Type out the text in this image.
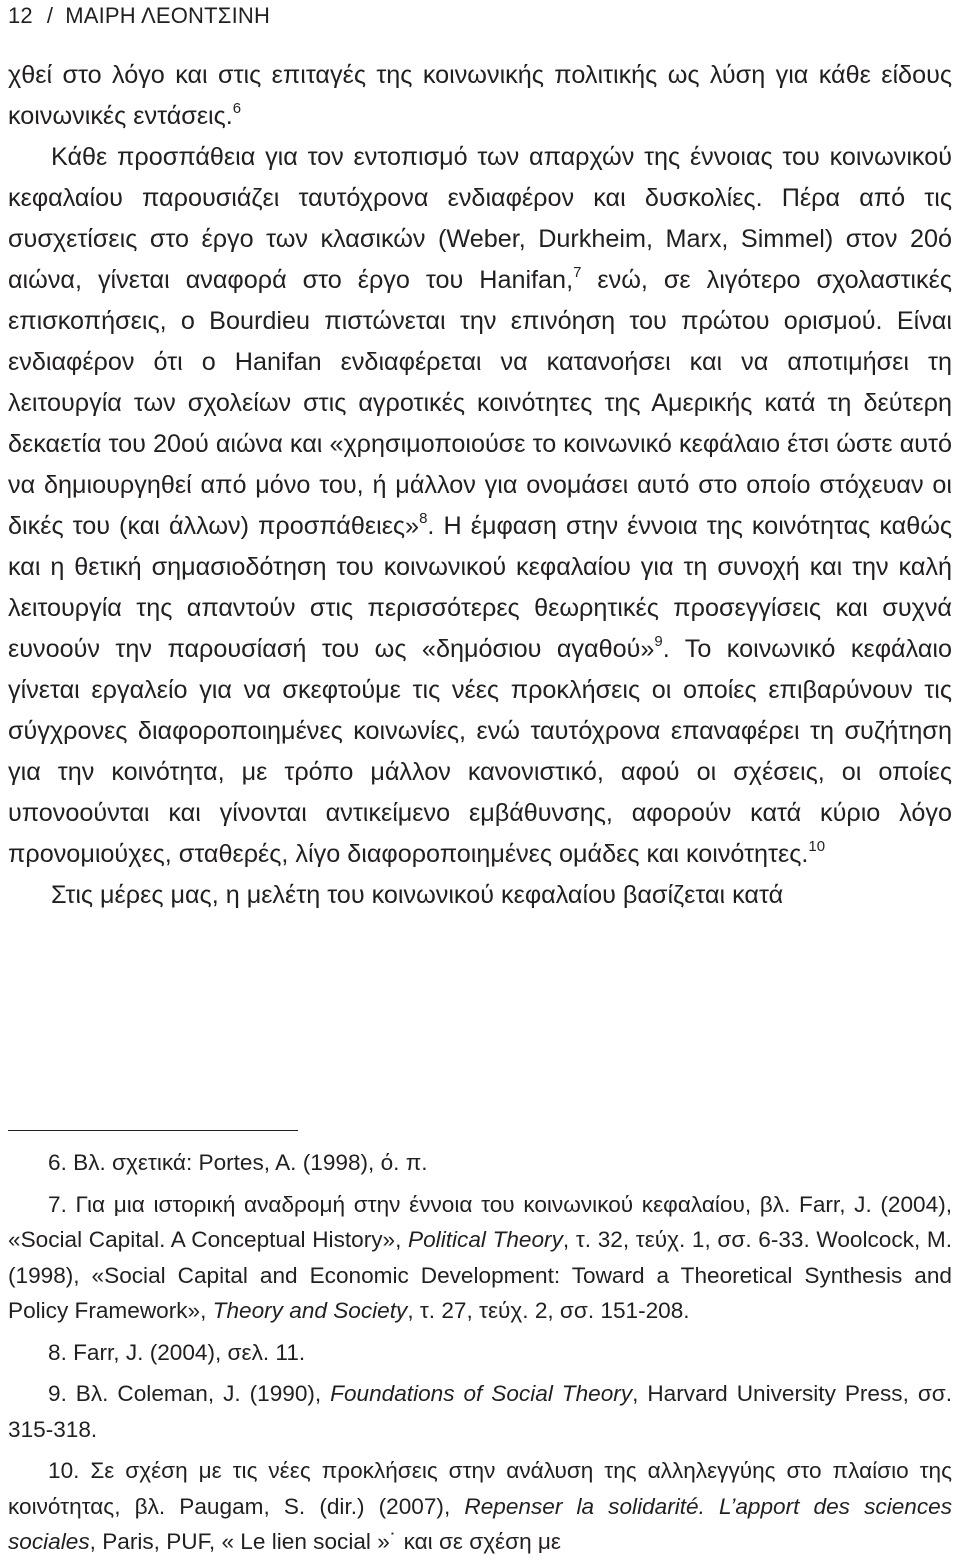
12 / ΜΑΙΡΗ ΛΕΟΝΤΣΙΝΗ

χθεί στο λόγο και στις επιταγές της κοινωνικής πολιτικής ως λύση για κάθε είδους κοινωνικές εντάσεις.$^6$

Κάθε προσπάθεια για τον εντοπισμό των απαρχών της έννοιας του κοινωνικού κεφαλαίου παρουσιάζει ταυτόχρονα ενδιαφέρον και δυσκολίες. Πέρα από τις συσχετίσεις στο έργο των κλασικών (Weber, Durkheim, Marx, Simmel) στον 20ό αιώνα, γίνεται αναφορά στο έργο του Hanifan,$^7$ ενώ, σε λιγότερο σχολαστικές επισκοπήσεις, ο Bourdieu πιστώνεται την επινόηση του πρώτου ορισμού. Είναι ενδιαφέρον ότι ο Hanifan ενδιαφέρεται να κατανοήσει και να αποτιμήσει τη λειτουργία των σχολείων στις αγροτικές κοινότητες της Αμερικής κατά τη δεύτερη δεκαετία του 20ού αιώνα και «χρησιμοποιούσε το κοινωνικό κεφάλαιο έτσι ώστε αυτό να δημιουργηθεί από μόνο του, ή μάλλον για ονομάσει αυτό στο οποίο στόχευαν οι δικές του (και άλλων) προσπάθειες»$^8$. Η έμφαση στην έννοια της κοινότητας καθώς και η θετική σημασιοδότηση του κοινωνικού κεφαλαίου για τη συνοχή και την καλή λειτουργία της απαντούν στις περισσότερες θεωρητικές προσεγγίσεις και συχνά ευνοούν την παρουσίασή του ως «δημόσιου αγαθού»$^9$. Το κοινωνικό κεφάλαιο γίνεται εργαλείο για να σκεφτούμε τις νέες προκλήσεις οι οποίες επιβαρύνουν τις σύγχρονες διαφοροποιημένες κοινωνίες, ενώ ταυτόχρονα επαναφέρει τη συζήτηση για την κοινότητα, με τρόπο μάλλον κανονιστικό, αφού οι σχέσεις, οι οποίες υπονοούνται και γίνονται αντικείμενο εμβάθυνσης, αφορούν κατά κύριο λόγο προνομιούχες, σταθερές, λίγο διαφοροποιημένες ομάδες και κοινότητες.$^{10}$

Στις μέρες μας, η μελέτη του κοινωνικού κεφαλαίου βασίζεται κατά

6. Βλ. σχετικά: Portes, A. (1998), ό. π.

7. Για μια ιστορική αναδρομή στην έννοια του κοινωνικού κεφαλαίου, βλ. Farr, J. (2004), «Social Capital. A Conceptual History», Political Theory, τ. 32, τεύχ. 1, σσ. 6-33. Woolcock, M. (1998), «Social Capital and Economic Development: Toward a Theoretical Synthesis and Policy Framework», Theory and Society, τ. 27, τεύχ. 2, σσ. 151-208.

8. Farr, J. (2004), σελ. 11.

9. Βλ. Coleman, J. (1990), Foundations of Social Theory, Harvard University Press, σσ. 315-318.

10. Σε σχέση με τις νέες προκλήσεις στην ανάλυση της αλληλεγγύης στο πλαίσιο της κοινότητας, βλ. Paugam, S. (dir.) (2007), Repenser la solidarité. L’apport des sciences sociales, Paris, PUF, « Le lien social »˙ και σε σχέση με
